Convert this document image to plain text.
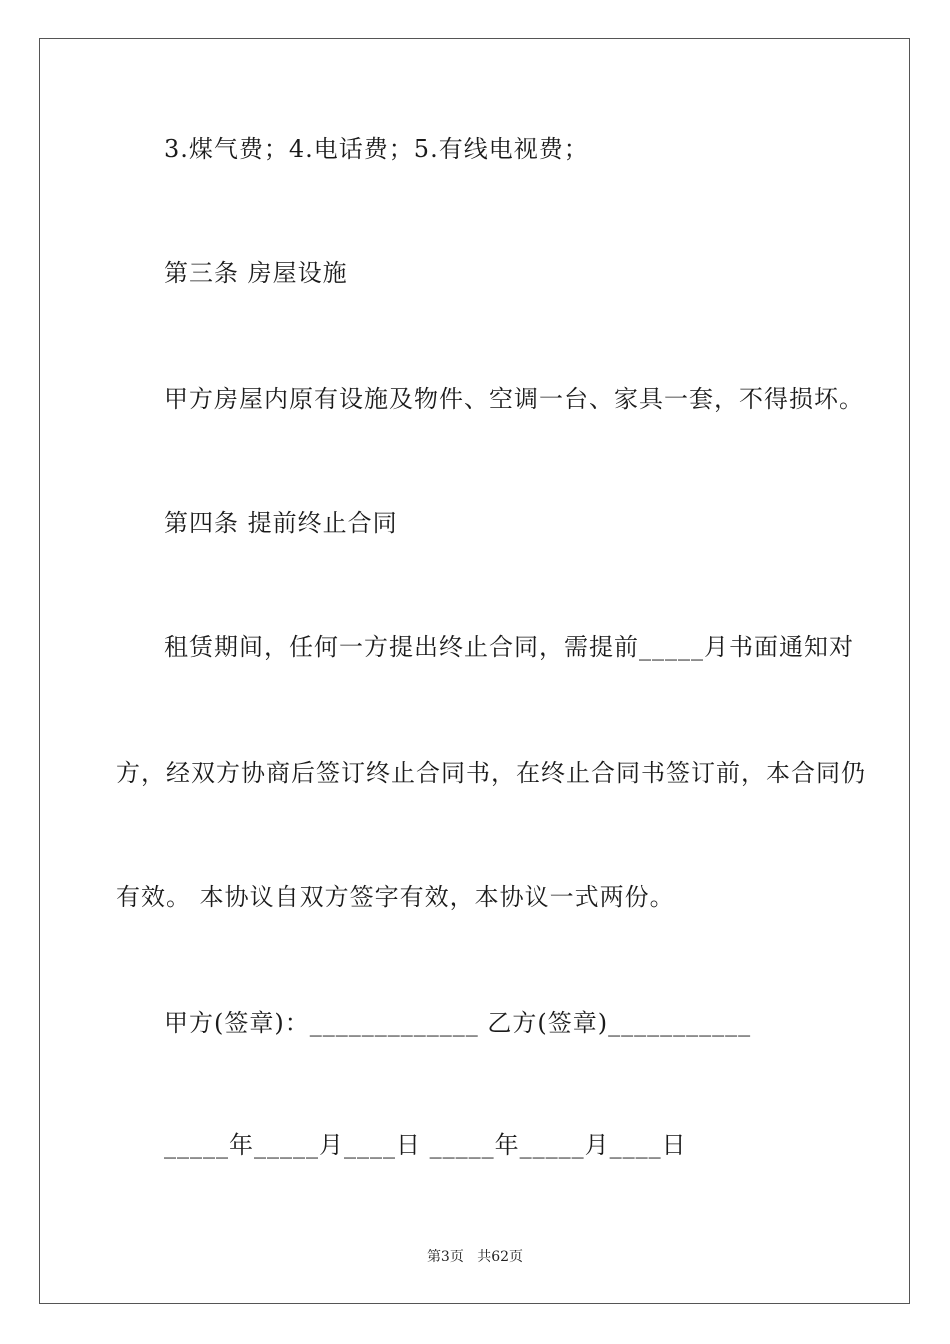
3.煤气费；4.电话费；5.有线电视费；
第三条 房屋设施
甲方房屋内原有设施及物件、空调一台、家具一套，不得损坏。
第四条 提前终止合同
租赁期间，任何一方提出终止合同，需提前_____月书面通知对
方，经双方协商后签订终止合同书，在终止合同书签订前，本合同仍
有效。 本协议自双方签字有效，本协议一式两份。
甲方(签章)：_____________ 乙方(签章)___________
_____年_____月____日 _____年_____月____日
第3页 共62页
